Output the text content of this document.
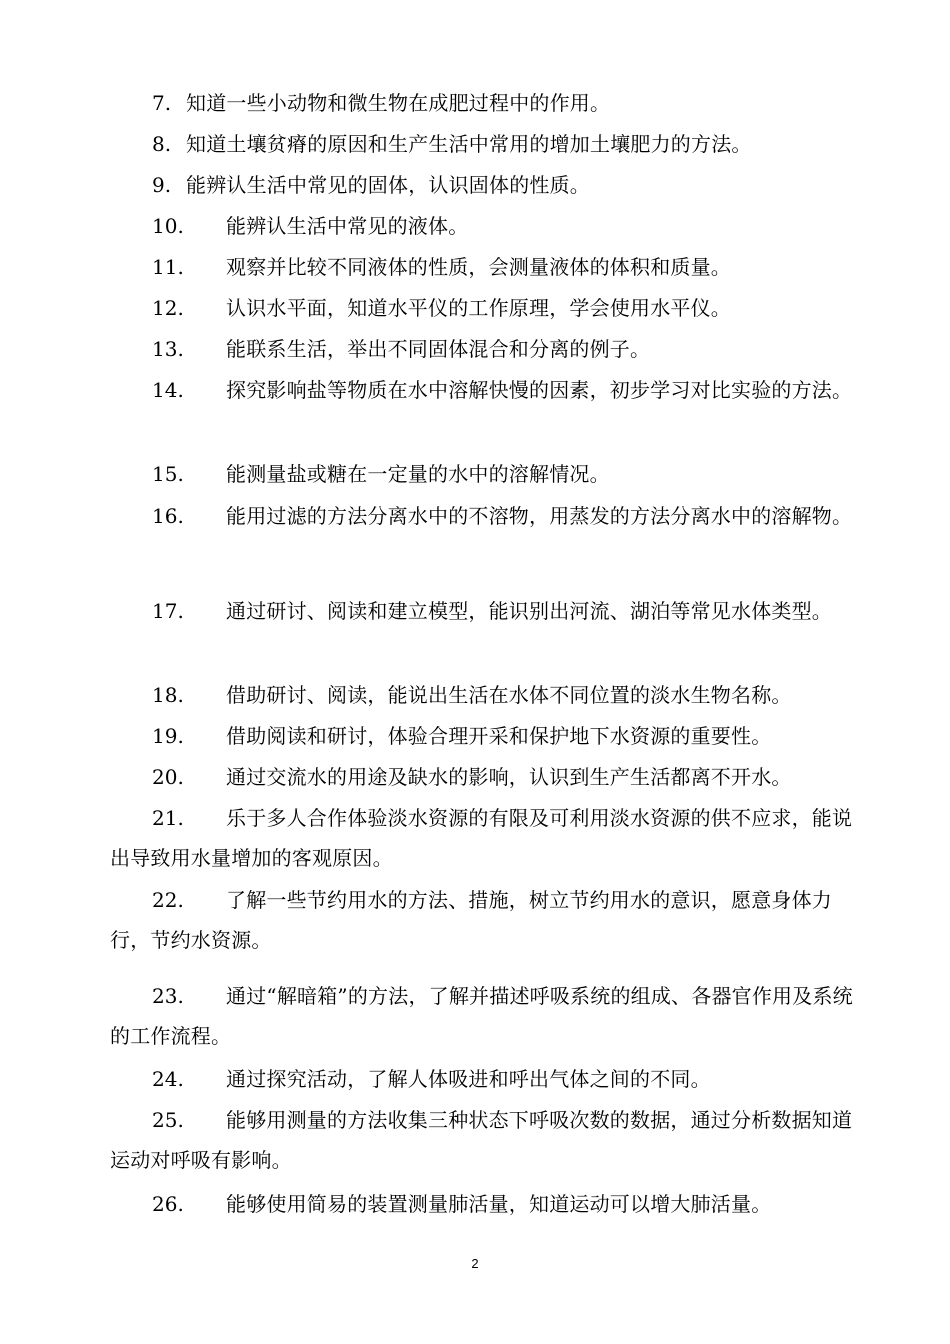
7. 知道一些小动物和微生物在成肥过程中的作用。
8. 知道土壤贫瘠的原因和生产生活中常用的增加土壤肥力的方法。
9. 能辨认生活中常见的固体，认识固体的性质。
10.	能辨认生活中常见的液体。
11.	观察并比较不同液体的性质，会测量液体的体积和质量。
12.	认识水平面，知道水平仪的工作原理，学会使用水平仪。
13.	能联系生活，举出不同固体混合和分离的例子。
14.	探究影响盐等物质在水中溶解快慢的因素，初步学习对比实验的方法。
15.	能测量盐或糖在一定量的水中的溶解情况。
16.	能用过滤的方法分离水中的不溶物，用蒸发的方法分离水中的溶解物。
17.	通过研讨、阅读和建立模型，能识别出河流、湖泊等常见水体类型。
18.	借助研讨、阅读，能说出生活在水体不同位置的淡水生物名称。
19.	借助阅读和研讨，体验合理开采和保护地下水资源的重要性。
20.	通过交流水的用途及缺水的影响，认识到生产生活都离不开水。
21.	乐于多人合作体验淡水资源的有限及可利用淡水资源的供不应求，能说出导致用水量增加的客观原因。
22.	了解一些节约用水的方法、措施，树立节约用水的意识，愿意身体力行，节约水资源。
23.	通过“解暗箱”的方法，了解并描述呼吸系统的组成、各器官作用及系统的工作流程。
24.	通过探究活动，了解人体吸进和呼出气体之间的不同。
25.	能够用测量的方法收集三种状态下呼吸次数的数据，通过分析数据知道运动对呼吸有影响。
26.	能够使用简易的装置测量肺活量，知道运动可以增大肺活量。
2
